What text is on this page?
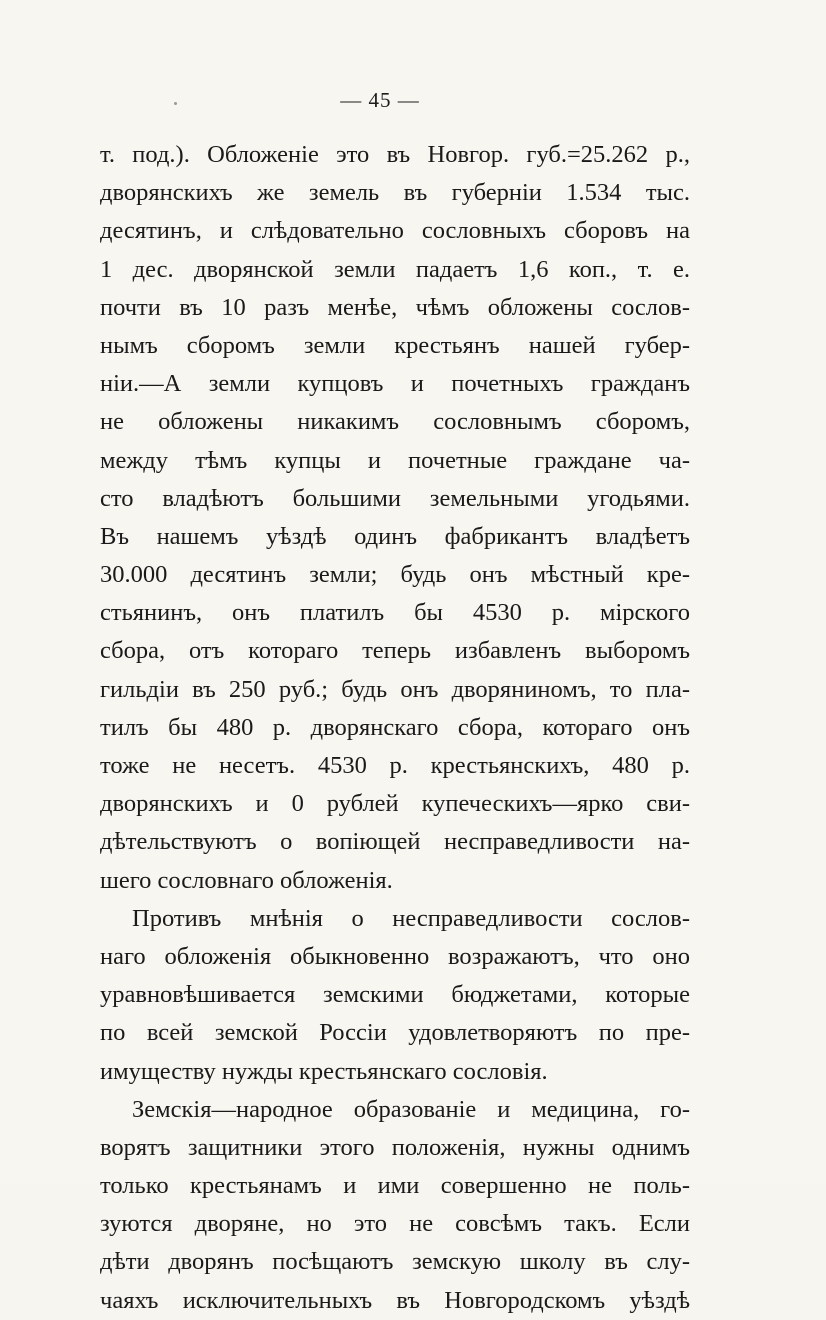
— 45 —
т. под.). Обложенiе это въ Новгор. губ.=25.262 р.,
дворянскихъ же земель въ губернiи 1.534 тыс.
десятинъ, и слѣдовательно сословныхъ сборовъ на
1 дес. дворянской земли падаетъ 1,6 коп., т. е.
почти въ 10 разъ менѣе, чѣмъ обложены сослов-
нымъ сборомъ земли крестьянъ нашей губер-
нiи.—А земли купцовъ и почетныхъ гражданъ
не обложены никакимъ сословнымъ сборомъ,
между тѣмъ купцы и почетные граждане ча-
сто владѣютъ большими земельными угодьями.
Въ нашемъ уѣздѣ одинъ фабрикантъ владѣетъ
30.000 десятинъ земли; будь онъ мѣстный кре-
стьянинъ, онъ платилъ бы 4530 р. мiрского
сбора, отъ котораго теперь избавленъ выборомъ
гильдiи въ 250 руб.; будь онъ дворяниномъ, то пла-
тилъ бы 480 р. дворянскаго сбора, котораго онъ
тоже не несетъ. 4530 р. крестьянскихъ, 480 р.
дворянскихъ и 0 рублей купеческихъ—ярко сви-
дѣтельствуютъ о вопiющей несправедливости на-
шего сословнаго обложенiя.
Противъ мнѣнiя о несправедливости сослов-
наго обложенiя обыкновенно возражаютъ, что оно
уравновѣшивается земскими бюджетами, которые
по всей земской Россiи удовлетворяютъ по пре-
имуществу нужды крестьянскаго сословiя.
Земскiя—народное образованiе и медицина, го-
ворятъ защитники этого положенiя, нужны однимъ
только крестьянамъ и ими совершенно не поль-
зуются дворяне, но это не совсѣмъ такъ. Если
дѣти дворянъ посѣщаютъ земскую школу въ слу-
чаяхъ исключительныхъ въ Новгородскомъ уѣздѣ
